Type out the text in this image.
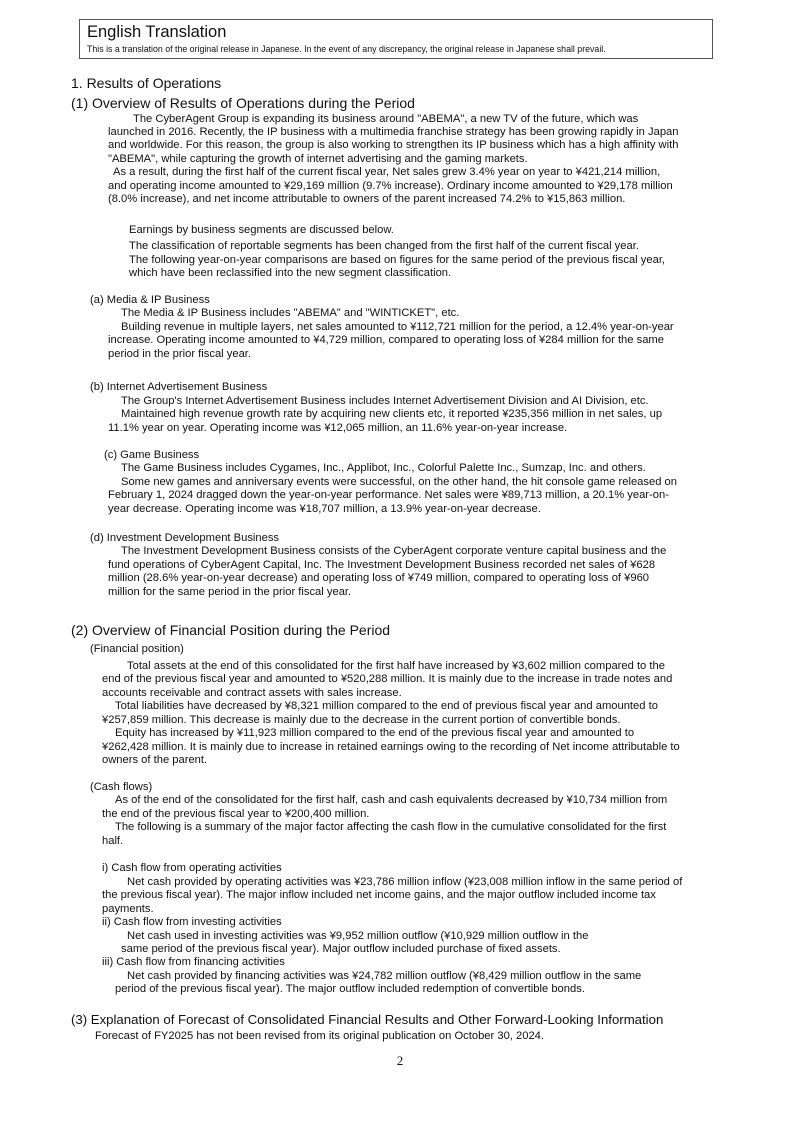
English Translation
This is a translation of the original release in Japanese. In the event of any discrepancy, the original release in Japanese shall prevail.
1. Results of Operations
(1) Overview of Results of Operations during the Period
The CyberAgent Group is expanding its business around "ABEMA", a new TV of the future, which was
launched in 2016. Recently, the IP business with a multimedia franchise strategy has been growing rapidly in Japan
and worldwide. For this reason, the group is also working to strengthen its IP business which has a high affinity with
"ABEMA", while capturing the growth of internet advertising and the gaming markets.
As a result, during the first half of the current fiscal year, Net sales grew 3.4% year on year to ¥421,214 million,
and operating income amounted to ¥29,169 million (9.7% increase). Ordinary income amounted to ¥29,178 million
(8.0% increase), and net income attributable to owners of the parent increased 74.2% to ¥15,863 million.
Earnings by business segments are discussed below.
The classification of reportable segments has been changed from the first half of the current fiscal year.
The following year-on-year comparisons are based on figures for the same period of the previous fiscal year,
which have been reclassified into the new segment classification.
(a) Media & IP Business
The Media & IP Business includes "ABEMA" and "WINTICKET", etc.
Building revenue in multiple layers, net sales amounted to ¥112,721 million for the period, a 12.4% year-on-year
increase. Operating income amounted to ¥4,729 million, compared to operating loss of ¥284 million for the same
period in the prior fiscal year.
(b) Internet Advertisement Business
The Group's Internet Advertisement Business includes Internet Advertisement Division and AI Division, etc.
Maintained high revenue growth rate by acquiring new clients etc, it reported ¥235,356 million in net sales, up
11.1% year on year. Operating income was ¥12,065 million, an 11.6% year-on-year increase.
(c) Game Business
The Game Business includes Cygames, Inc., Applibot, Inc., Colorful Palette Inc., Sumzap, Inc. and others.
Some new games and anniversary events were successful, on the other hand, the hit console game released on
February 1, 2024 dragged down the year-on-year performance. Net sales were ¥89,713 million, a 20.1% year-on-
year decrease. Operating income was ¥18,707 million, a 13.9% year-on-year decrease.
(d) Investment Development Business
The Investment Development Business consists of the CyberAgent corporate venture capital business and the
fund operations of CyberAgent Capital, Inc. The Investment Development Business recorded net sales of ¥628
million (28.6% year-on-year decrease) and operating loss of ¥749 million, compared to operating loss of ¥960
million for the same period in the prior fiscal year.
(2) Overview of Financial Position during the Period
(Financial position)
Total assets at the end of this consolidated for the first half have increased by ¥3,602 million compared to the
end of the previous fiscal year and amounted to ¥520,288 million. It is mainly due to the increase in trade notes and
accounts receivable and contract assets with sales increase.
Total liabilities have decreased by ¥8,321 million compared to the end of previous fiscal year and amounted to
¥257,859 million. This decrease is mainly due to the decrease in the current portion of convertible bonds.
Equity has increased by ¥11,923 million compared to the end of the previous fiscal year and amounted to
¥262,428 million. It is mainly due to increase in retained earnings owing to the recording of Net income attributable to
owners of the parent.
(Cash flows)
As of the end of the consolidated for the first half, cash and cash equivalents decreased by ¥10,734 million from
the end of the previous fiscal year to ¥200,400 million.
The following is a summary of the major factor affecting the cash flow in the cumulative consolidated for the first
half.
i) Cash flow from operating activities
Net cash provided by operating activities was ¥23,786 million inflow (¥23,008 million inflow in the same period of
the previous fiscal year). The major inflow included net income gains, and the major outflow included income tax
payments.
ii) Cash flow from investing activities
Net cash used in investing activities was ¥9,952 million outflow (¥10,929 million outflow in the
same period of the previous fiscal year). Major outflow included purchase of fixed assets.
iii) Cash flow from financing activities
Net cash provided by financing activities was ¥24,782 million outflow (¥8,429 million outflow in the same
period of the previous fiscal year). The major outflow included redemption of convertible bonds.
(3) Explanation of Forecast of Consolidated Financial Results and Other Forward-Looking Information
Forecast of FY2025 has not been revised from its original publication on October 30, 2024.
2
